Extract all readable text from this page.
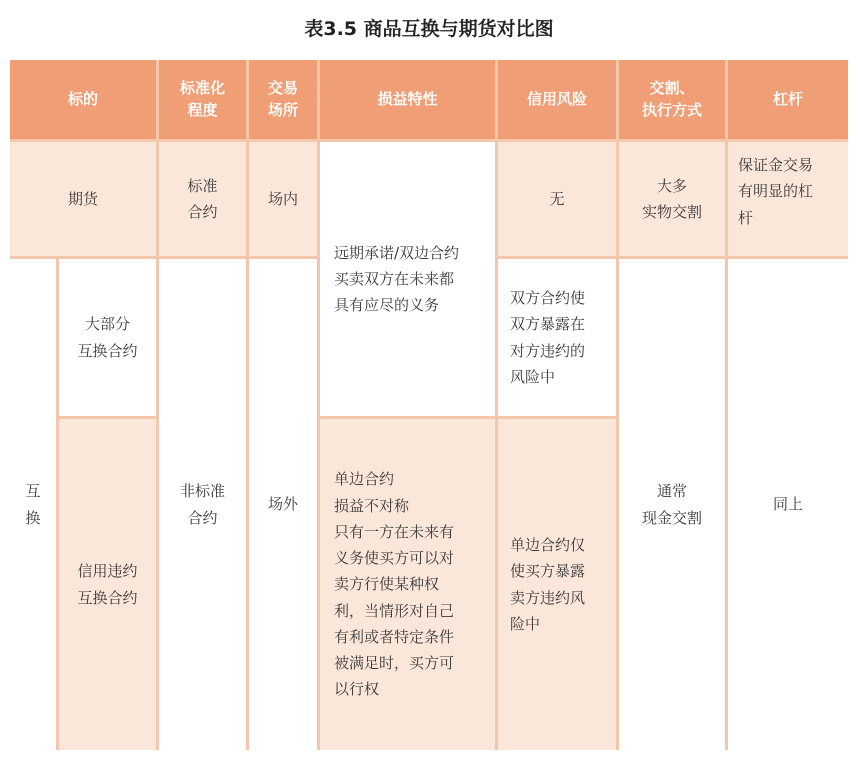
表3.5 商品互换与期货对比图
标的
标准化
程度
交易
场所
损益特性	信用风险
交割、
执行方式
杠杆
期货
标准
合约
场内	无
大多
实物交割
保证金交易
有明显的杠
杆
远期承诺/双边合约
买卖双方在未来都
具有应尽的义务
互
换
大部分
互换合约
信用违约
互换合约
非标准
合约
场外
双方合约使
双方暴露在
对方违约的
风险中
单边合约
损益不对称
只有一方在未来有
义务使买方可以对
卖方行使某种权
利，当情形对自己
有利或者特定条件
被满足时，买方可
以行权
单边合约仅
使买方暴露
卖方违约风
险中
通常
现金交割
同上
